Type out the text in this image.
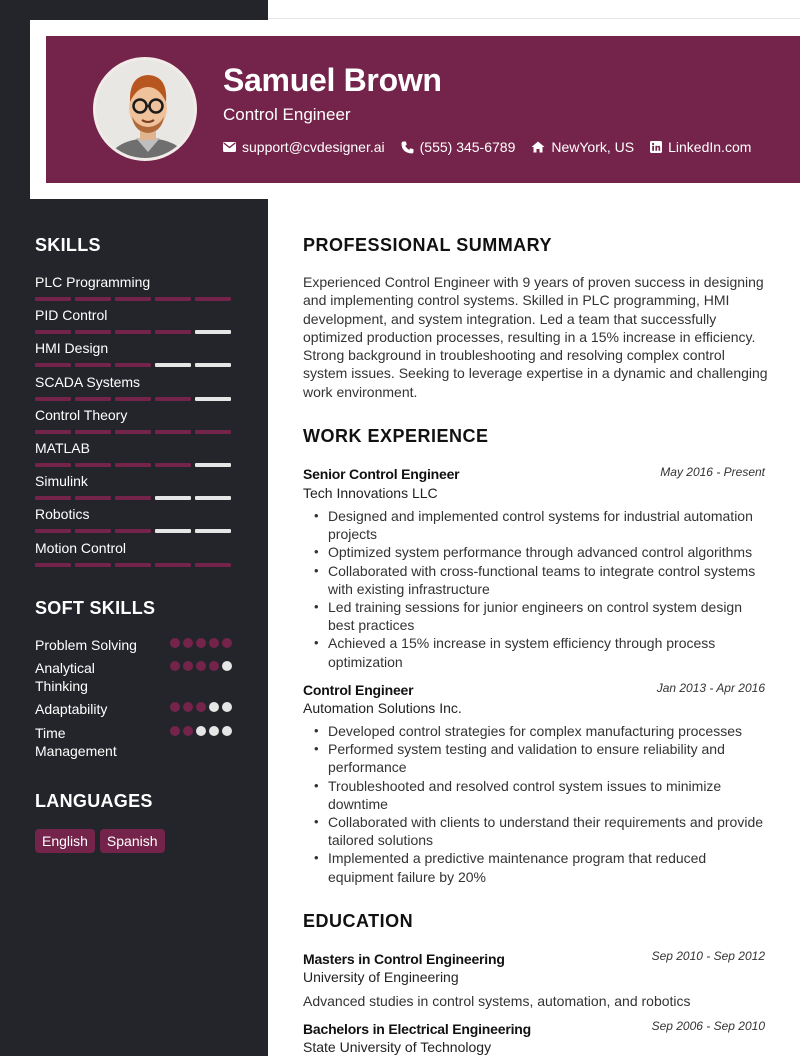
Samuel Brown
Control Engineer
support@cvdesigner.ai	(555) 345-6789	NewYork, US LinkedIn.com
SKILLS
PLC Programming
PID Control
HMI Design
SCADA Systems
Control Theory
MATLAB
Simulink
Robotics
Motion Control
SOFT SKILLS
Problem Solving
Analytical Thinking
Adaptability
Time Management
LANGUAGES
English	Spanish
PROFESSIONAL SUMMARY
Experienced Control Engineer with 9 years of proven success in designing and implementing control systems. Skilled in PLC programming, HMI development, and system integration. Led a team that successfully optimized production processes, resulting in a 15% increase in efficiency. Strong background in troubleshooting and resolving complex control system issues. Seeking to leverage expertise in a dynamic and challenging work environment.
WORK EXPERIENCE
Senior Control Engineer	May 2016 - Present
Tech Innovations LLC
• Designed and implemented control systems for industrial automation projects
• Optimized system performance through advanced control algorithms
• Collaborated with cross-functional teams to integrate control systems with existing infrastructure
• Led training sessions for junior engineers on control system design best practices
• Achieved a 15% increase in system efficiency through process optimization
Control Engineer	Jan 2013 - Apr 2016
Automation Solutions Inc.
• Developed control strategies for complex manufacturing processes
• Performed system testing and validation to ensure reliability and performance
• Troubleshooted and resolved control system issues to minimize downtime
• Collaborated with clients to understand their requirements and provide tailored solutions
• Implemented a predictive maintenance program that reduced equipment failure by 20%
EDUCATION
Masters in Control Engineering	Sep 2010 - Sep 2012
University of Engineering
Advanced studies in control systems, automation, and robotics
Bachelors in Electrical Engineering	Sep 2006 - Sep 2010
State University of Technology
